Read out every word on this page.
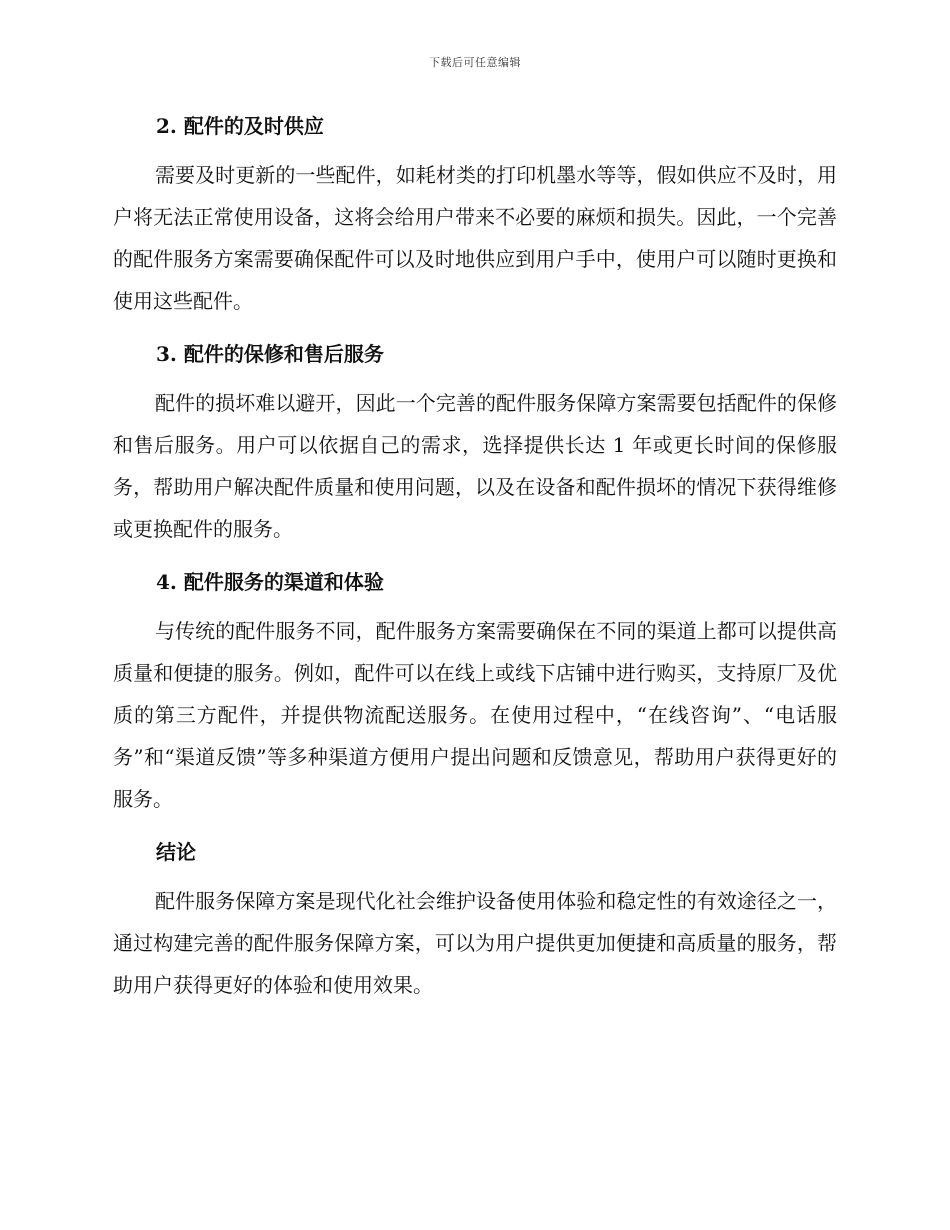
下载后可任意编辑
2. 配件的及时供应

需要及时更新的一些配件，如耗材类的打印机墨水等等，假如供应不及时，用户将无法正常使用设备，这将会给用户带来不必要的麻烦和损失。因此，一个完善的配件服务方案需要确保配件可以及时地供应到用户手中，使用户可以随时更换和使用这些配件。

3. 配件的保修和售后服务

配件的损坏难以避开，因此一个完善的配件服务保障方案需要包括配件的保修和售后服务。用户可以依据自己的需求，选择提供长达 1 年或更长时间的保修服务，帮助用户解决配件质量和使用问题，以及在设备和配件损坏的情况下获得维修或更换配件的服务。

4. 配件服务的渠道和体验

与传统的配件服务不同，配件服务方案需要确保在不同的渠道上都可以提供高质量和便捷的服务。例如，配件可以在线上或线下店铺中进行购买，支持原厂及优质的第三方配件，并提供物流配送服务。在使用过程中，“在线咨询”、“电话服务”和“渠道反馈”等多种渠道方便用户提出问题和反馈意见，帮助用户获得更好的服务。

结论

配件服务保障方案是现代化社会维护设备使用体验和稳定性的有效途径之一，通过构建完善的配件服务保障方案，可以为用户提供更加便捷和高质量的服务，帮助用户获得更好的体验和使用效果。
